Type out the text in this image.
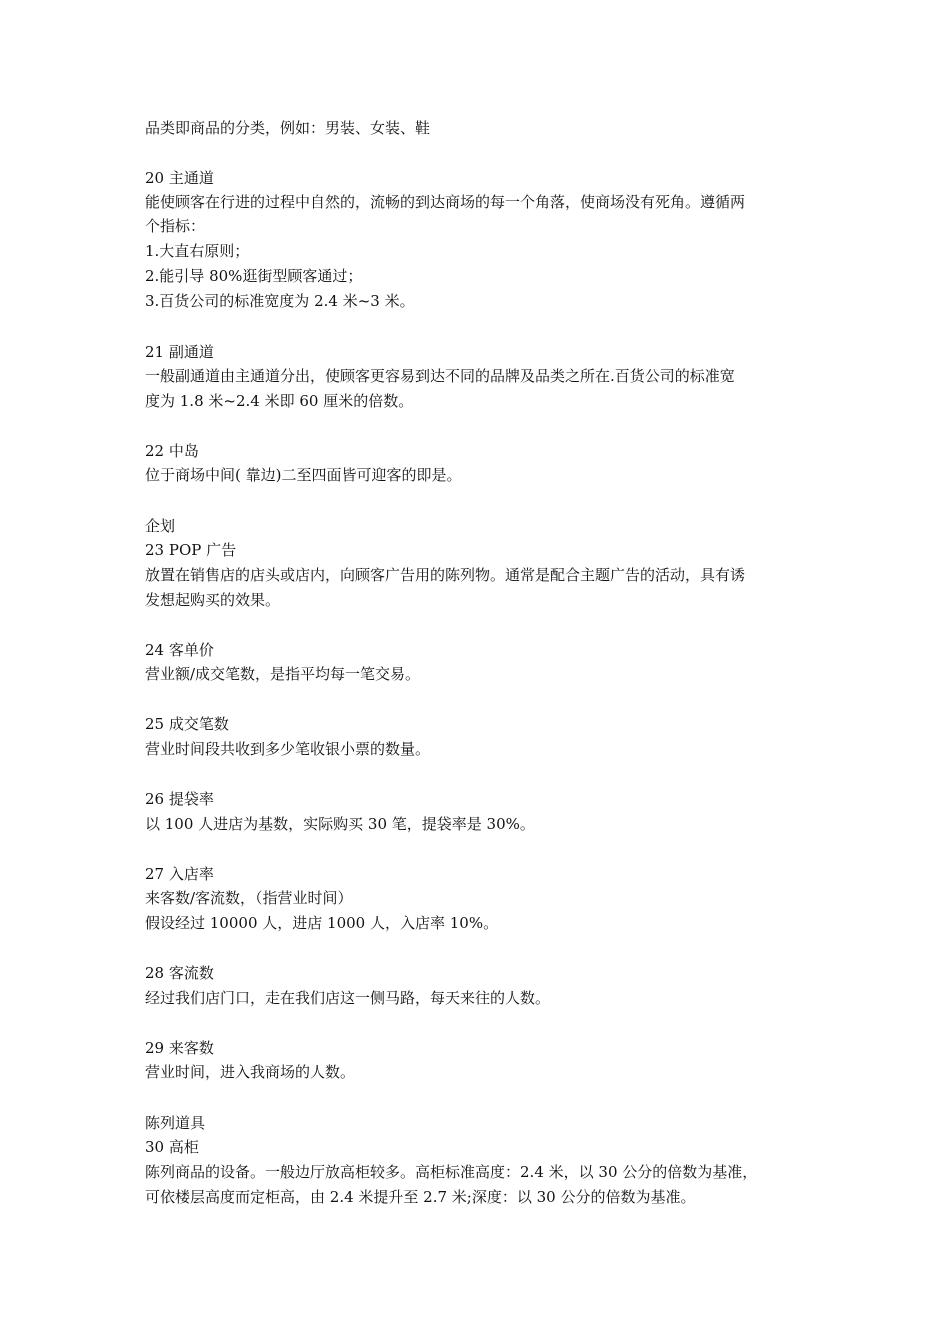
品类即商品的分类，例如：男装、女装、鞋
20 主通道
能使顾客在行进的过程中自然的，流畅的到达商场的每一个角落，使商场没有死角。遵循两
个指标：
1.大直右原则；
2.能引导 80%逛街型顾客通过；
3.百货公司的标准宽度为 2.4 米~3 米。
21 副通道
一般副通道由主通道分出，使顾客更容易到达不同的品牌及品类之所在.百货公司的标准宽
度为 1.8 米~2.4 米即 60 厘米的倍数。
22 中岛
位于商场中间( 靠边)二至四面皆可迎客的即是。
企划
23 POP 广告
放置在销售店的店头或店内，向顾客广告用的陈列物。通常是配合主题广告的活动，具有诱
发想起购买的效果。
24 客单价
营业额/成交笔数，是指平均每一笔交易。
25 成交笔数
营业时间段共收到多少笔收银小票的数量。
26 提袋率
以 100 人进店为基数，实际购买 30 笔，提袋率是 30%。
27 入店率
来客数/客流数，（指营业时间）
假设经过 10000 人，进店 1000 人，入店率 10%。
28 客流数
经过我们店门口，走在我们店这一侧马路，每天来往的人数。
29 来客数
营业时间，进入我商场的人数。
陈列道具
30 高柜
陈列商品的设备。一般边厅放高柜较多。高柜标准高度：2.4 米，以 30 公分的倍数为基准，
可依楼层高度而定柜高，由 2.4 米提升至 2.7 米;深度：以 30 公分的倍数为基准。
